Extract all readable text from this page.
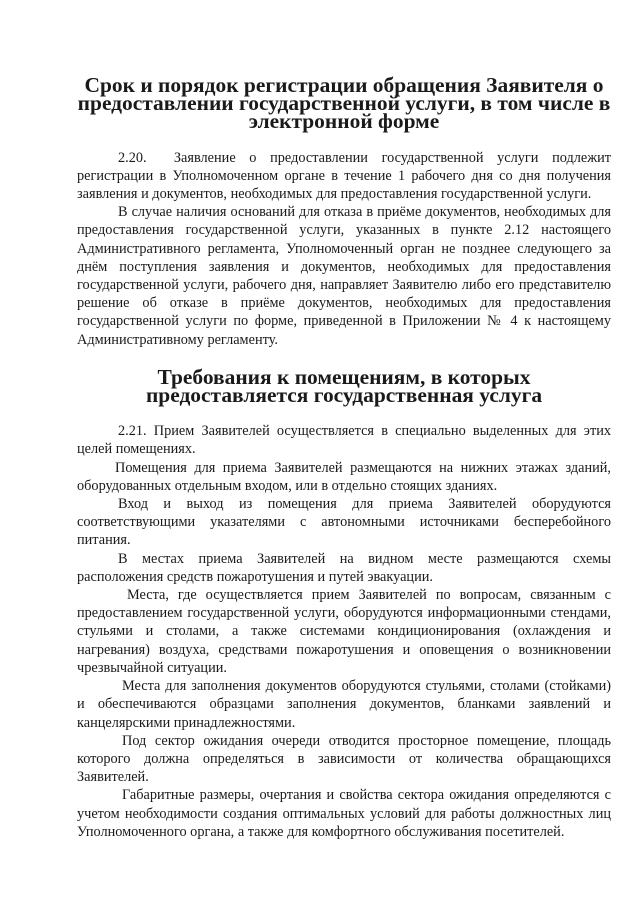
Срок и порядок регистрации обращения Заявителя о предоставлении государственной услуги, в том числе в электронной форме

2.20.  Заявление о предоставлении государственной услуги подлежит регистрации в Уполномоченном органе в течение 1 рабочего дня со дня получения заявления и документов, необходимых для предоставления государственной услуги.

В случае наличия оснований для отказа в приёме документов, необходимых для предоставления государственной услуги, указанных в пункте 2.12 настоящего Административного регламента, Уполномоченный орган не позднее следующего за днём поступления заявления и документов, необходимых для предоставления государственной услуги, рабочего дня, направляет Заявителю либо его представителю решение об отказе в приёме документов, необходимых для предоставления государственной услуги по форме, приведенной в Приложении № 4 к настоящему Административному регламенту.

Требования к помещениям, в которых предоставляется государственная услуга

2.21. Прием Заявителей осуществляется в специально выделенных для этих целей помещениях.

Помещения для приема Заявителей размещаются на нижних этажах зданий, оборудованных отдельным входом, или в отдельно стоящих зданиях.

Вход и выход из помещения для приема Заявителей оборудуются соответствующими указателями с автономными источниками бесперебойного питания.

В местах приема Заявителей на видном месте размещаются схемы расположения средств пожаротушения и путей эвакуации.

Места, где осуществляется прием Заявителей по вопросам, связанным с предоставлением государственной услуги, оборудуются информационными стендами, стульями и столами, а также системами кондиционирования (охлаждения и нагревания) воздуха, средствами пожаротушения и оповещения о возникновении чрезвычайной ситуации.

Места для заполнения документов оборудуются стульями, столами (стойками) и обеспечиваются образцами заполнения документов, бланками заявлений и канцелярскими принадлежностями.

Под сектор ожидания очереди отводится просторное помещение, площадь которого должна определяться в зависимости от количества обращающихся Заявителей.

Габаритные размеры, очертания и свойства сектора ожидания определяются с учетом необходимости создания оптимальных условий для работы должностных лиц Уполномоченного органа, а также для комфортного обслуживания посетителей.
